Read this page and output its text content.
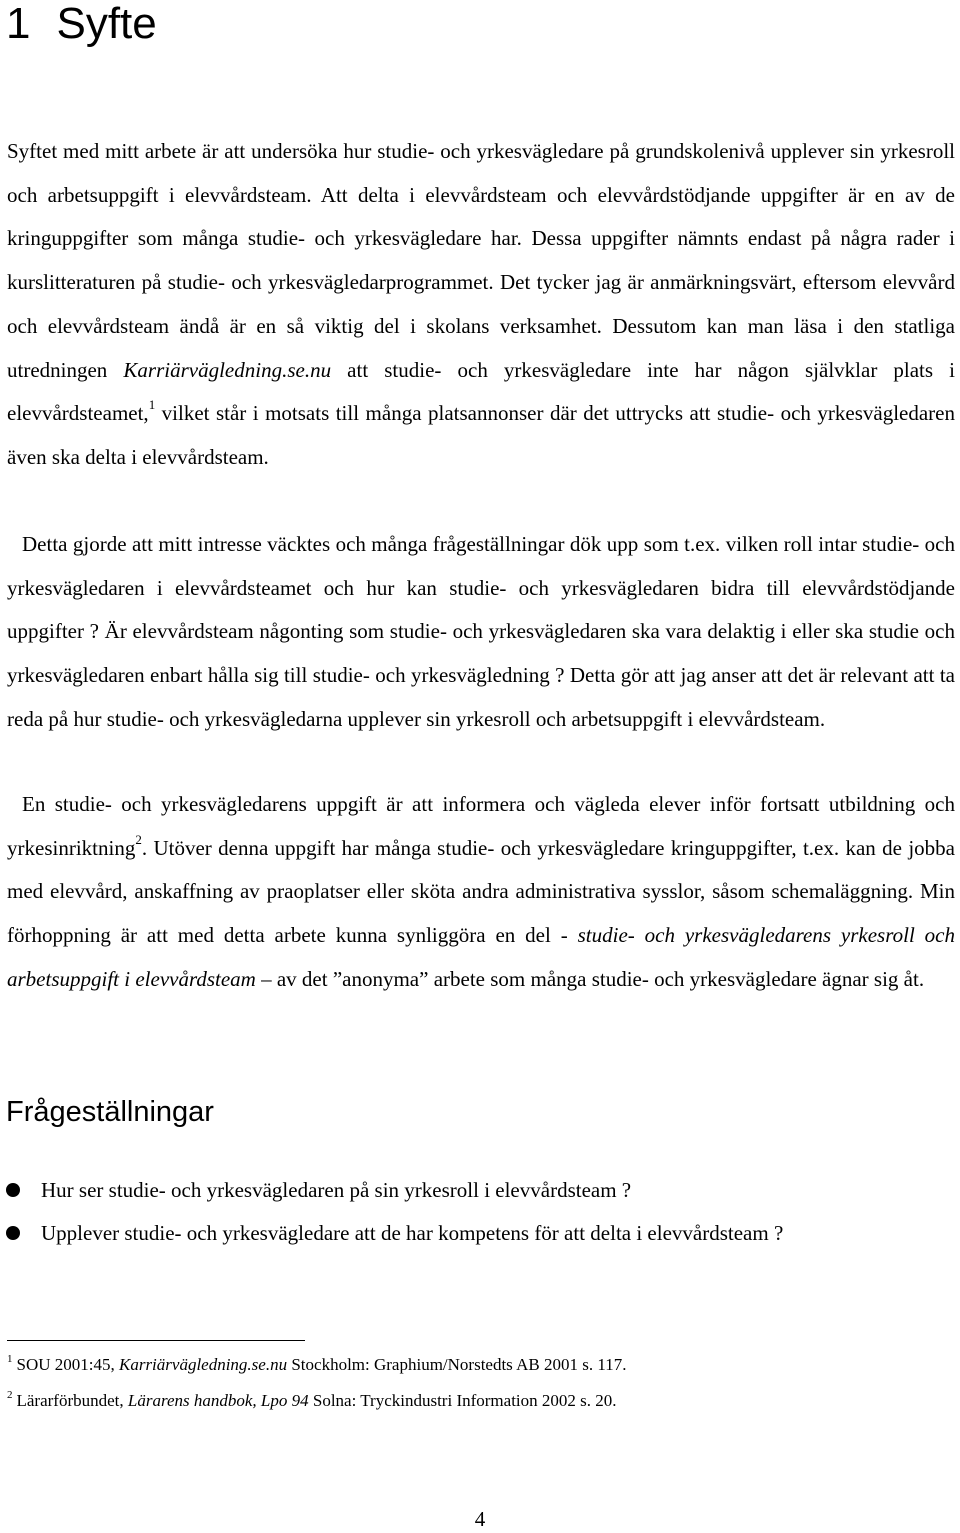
1 Syfte

Syftet med mitt arbete är att undersöka hur studie- och yrkesvägledare på grundskolenivå upplever sin yrkesroll och arbetsuppgift i elevvårdsteam. Att delta i elevvårdsteam och elevvårdstödjande uppgifter är en av de kringuppgifter som många studie- och yrkesvägledare har. Dessa uppgifter nämnts endast på några rader i kurslitteraturen på studie- och yrkesvägledarprogrammet. Det tycker jag är anmärkningsvärt, eftersom elevvård och elevvårdsteam ändå är en så viktig del i skolans verksamhet. Dessutom kan man läsa i den statliga utredningen Karriärvägledning.se.nu att studie- och yrkesvägledare inte har någon självklar plats i elevvårdsteamet,$^1$ vilket står i motsats till många platsannonser där det uttrycks att studie- och yrkesvägledaren även ska delta i elevvårdsteam.

Detta gjorde att mitt intresse väcktes och många frågeställningar dök upp som t.ex. vilken roll intar studie- och yrkesvägledaren i elevvårdsteamet och hur kan studie- och yrkesvägledaren bidra till elevvårdstödjande uppgifter ? Är elevvårdsteam någonting som studie- och yrkesvägledaren ska vara delaktig i eller ska studie och yrkesvägledaren enbart hålla sig till studie- och yrkesvägledning ? Detta gör att jag anser att det är relevant att ta reda på hur studie- och yrkesvägledarna upplever sin yrkesroll och arbetsuppgift i elevvårdsteam.

En studie- och yrkesvägledarens uppgift är att informera och vägleda elever inför fortsatt utbildning och yrkesinriktning$^2$. Utöver denna uppgift har många studie- och yrkesvägledare kringuppgifter, t.ex. kan de jobba med elevvård, anskaffning av praoplatser eller sköta andra administrativa sysslor, såsom schemaläggning. Min förhoppning är att med detta arbete kunna synliggöra en del - studie- och yrkesvägledarens yrkesroll och arbetsuppgift i elevvårdsteam – av det ”anonyma” arbete som många studie- och yrkesvägledare ägnar sig åt.

Frågeställningar
Hur ser studie- och yrkesvägledaren på sin yrkesroll i elevvårdsteam ?
Upplever studie- och yrkesvägledare att de har kompetens för att delta i elevvårdsteam ?
$^1$ SOU 2001:45, Karriärvägledning.se.nu Stockholm: Graphium/Norstedts AB 2001 s. 117.
$^2$ Lärarförbundet, Lärarens handbok, Lpo 94 Solna: Tryckindustri Information 2002 s. 20.
4
